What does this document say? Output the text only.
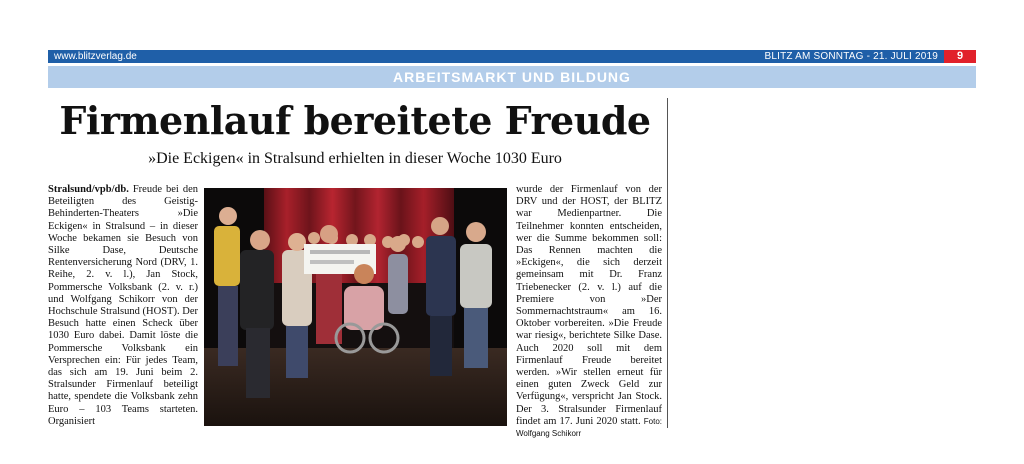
www.blitzverlag.de	BLITZ AM SONNTAG - 21. JULI 2019	9
ARBEITSMARKT UND BILDUNG
Firmenlauf bereitete Freude
»Die Eckigen« in Stralsund erhielten in dieser Woche 1030 Euro
Stralsund/vpb/db. Freude bei den Beteiligten des Geistig-Behinderten-Theaters »Die Eckigen« in Stralsund – in dieser Woche bekamen sie Besuch von Silke Dase, Deutsche Rentenversicherung Nord (DRV, 1. Reihe, 2. v. l.), Jan Stock, Pommersche Volksbank (2. v. r.) und Wolfgang Schikorr von der Hochschule Stralsund (HOST). Der Besuch hatte einen Scheck über 1030 Euro dabei. Damit löste die Pommersche Volksbank ein Versprechen ein: Für jedes Team, das sich am 19. Juni beim 2. Stralsunder Firmenlauf beteiligt hatte, spendete die Volksbank zehn Euro – 103 Teams starteten. Organisiert
wurde der Firmenlauf von der DRV und der HOST, der BLITZ war Medienpartner. Die Teilnehmer konnten entscheiden, wer die Summe bekommen soll: Das Rennen machten die »Eckigen«, die sich derzeit gemeinsam mit Dr. Franz Triebenecker (2. v. l.) auf die Premiere von »Der Sommernachtstraum« am 16. Oktober vorbereiten. »Die Freude war riesig«, berichtete Silke Dase. Auch 2020 soll mit dem Firmenlauf Freude bereitet werden. »Wir stellen erneut für einen guten Zweck Geld zur Verfügung«, verspricht Jan Stock. Der 3. Stralsunder Firmenlauf findet am 17. Juni 2020 statt. Foto: Wolfgang Schikorr
